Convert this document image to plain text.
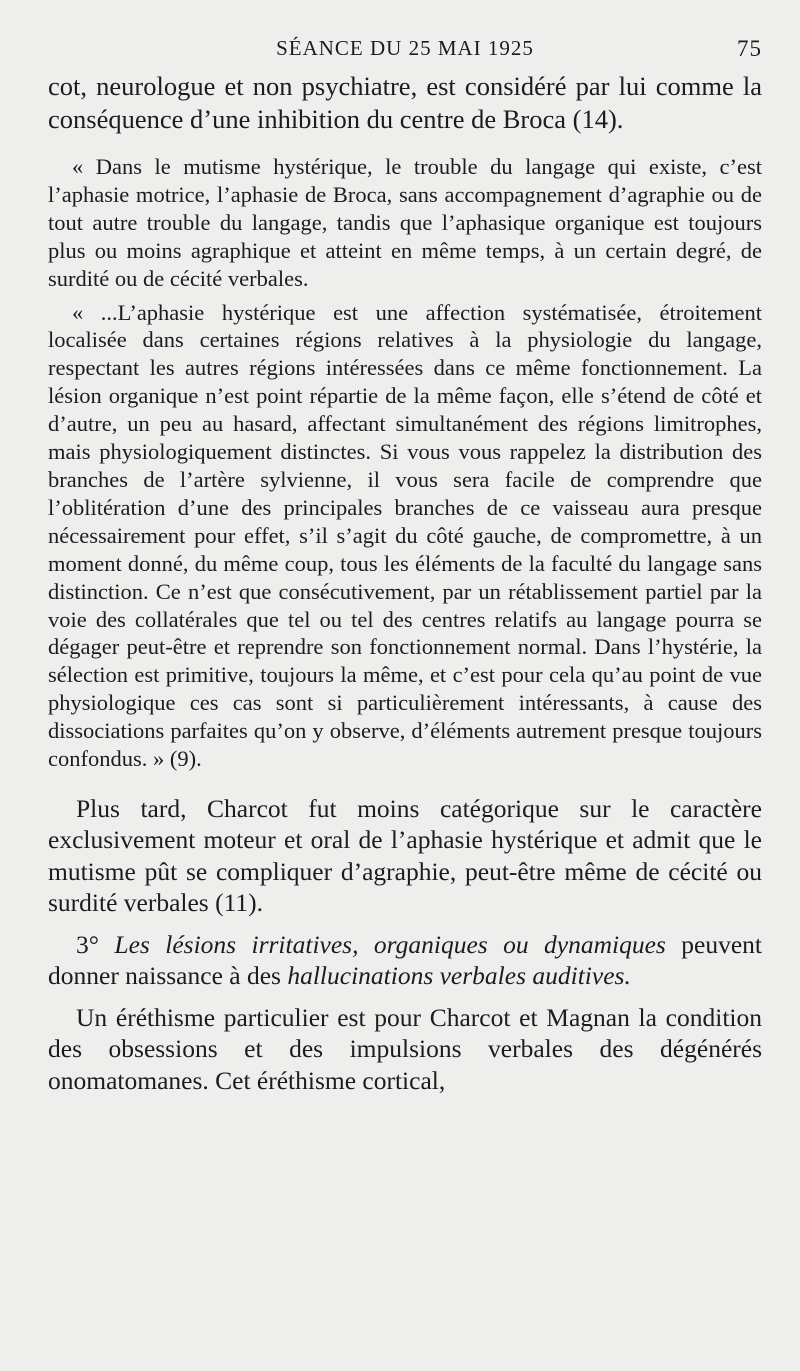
SÉANCE DU 25 MAI 1925	75

cot, neurologue et non psychiatre, est considéré par lui comme la conséquence d’une inhibition du centre de Broca (14).

« Dans le mutisme hystérique, le trouble du langage qui existe, c’est l’aphasie motrice, l’aphasie de Broca, sans accompagnement d’agraphie ou de tout autre trouble du langage, tandis que l’aphasique organique est toujours plus ou moins agraphique et atteint en même temps, à un certain degré, de surdité ou de cécité verbales.

« ...L’aphasie hystérique est une affection systématisée, étroitement localisée dans certaines régions relatives à la physiologie du langage, respectant les autres régions intéressées dans ce même fonctionnement. La lésion organique n’est point répartie de la même façon, elle s’étend de côté et d’autre, un peu au hasard, affectant simultanément des régions limitrophes, mais physiologiquement distinctes. Si vous vous rappelez la distribution des branches de l’artère sylvienne, il vous sera facile de comprendre que l’oblitération d’une des principales branches de ce vaisseau aura presque nécessairement pour effet, s’il s’agit du côté gauche, de compromettre, à un moment donné, du même coup, tous les éléments de la faculté du langage sans distinction. Ce n’est que consécutivement, par un rétablissement partiel par la voie des collatérales que tel ou tel des centres relatifs au langage pourra se dégager peut-être et reprendre son fonctionnement normal. Dans l’hystérie, la sélection est primitive, toujours la même, et c’est pour cela qu’au point de vue physiologique ces cas sont si particulièrement intéressants, à cause des dissociations parfaites qu’on y observe, d’éléments autrement presque toujours confondus. » (9).

Plus tard, Charcot fut moins catégorique sur le caractère exclusivement moteur et oral de l’aphasie hystérique et admit que le mutisme pût se compliquer d’agraphie, peut-être même de cécité ou surdité verbales (11).

3° Les lésions irritatives, organiques ou dynamiques peuvent donner naissance à des hallucinations verbales auditives.

Un éréthisme particulier est pour Charcot et Magnan la condition des obsessions et des impulsions verbales des dégénérés onomatomanes. Cet éréthisme cortical,
